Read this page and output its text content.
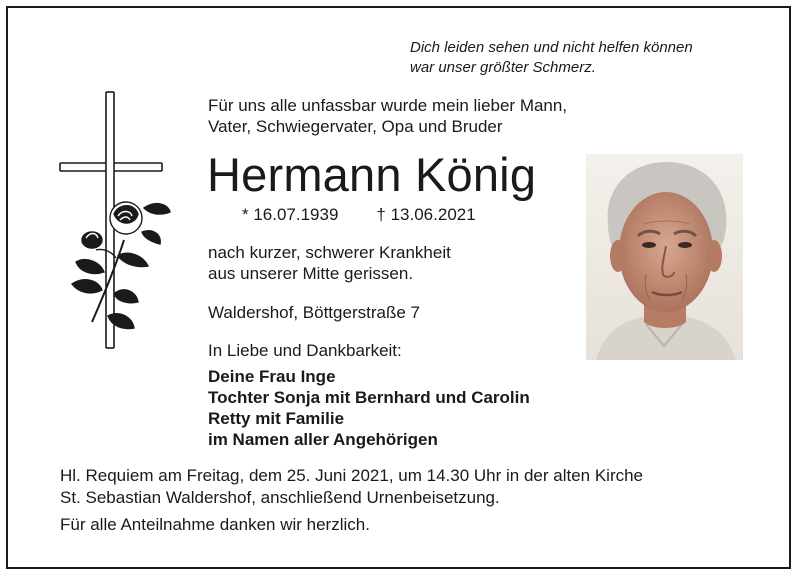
Dich leiden sehen und nicht helfen können
war unser größter Schmerz.
Für uns alle unfassbar wurde mein lieber Mann,
Vater, Schwiegervater, Opa und Bruder
Hermann König
* 16.07.1939 † 13.06.2021
nach kurzer, schwerer Krankheit
aus unserer Mitte gerissen.
Waldershof, Böttgerstraße 7
In Liebe und Dankbarkeit:
Deine Frau Inge
Tochter Sonja mit Bernhard und Carolin
Retty mit Familie
im Namen aller Angehörigen
Hl. Requiem am Freitag, dem 25. Juni 2021, um 14.30 Uhr in der alten Kirche
St. Sebastian Waldershof, anschließend Urnenbeisetzung.
Für alle Anteilnahme danken wir herzlich.
